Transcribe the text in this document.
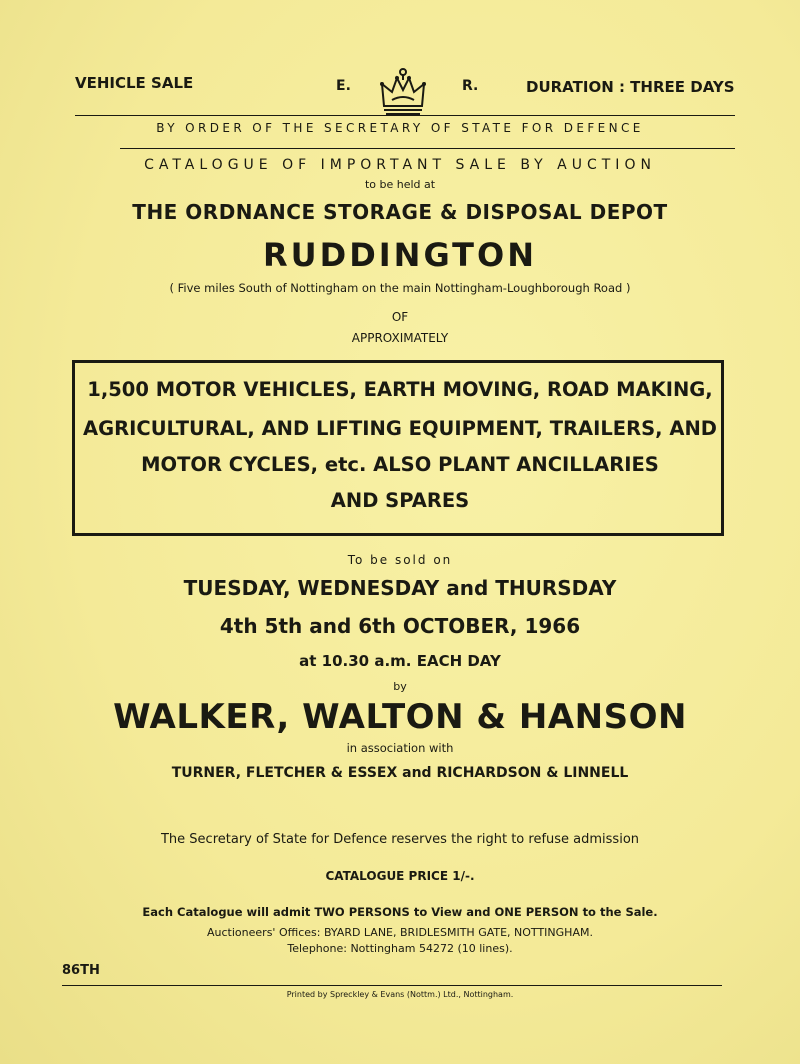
VEHICLE SALE	E.	R.	DURATION : THREE DAYS
BY ORDER OF THE SECRETARY OF STATE FOR DEFENCE
CATALOGUE OF IMPORTANT SALE BY AUCTION
to be held at
THE ORDNANCE STORAGE & DISPOSAL DEPOT
RUDDINGTON
( Five miles South of Nottingham on the main Nottingham-Loughborough Road )
OF
APPROXIMATELY
1,500 MOTOR VEHICLES, EARTH MOVING, ROAD MAKING,
AGRICULTURAL, AND LIFTING EQUIPMENT, TRAILERS, AND
MOTOR CYCLES, etc. ALSO PLANT ANCILLARIES
AND SPARES
To be sold on
TUESDAY, WEDNESDAY and THURSDAY
4th 5th and 6th OCTOBER, 1966
at 10.30 a.m. EACH DAY
by
WALKER, WALTON & HANSON
in association with
TURNER, FLETCHER & ESSEX and RICHARDSON & LINNELL
The Secretary of State for Defence reserves the right to refuse admission
CATALOGUE PRICE 1/-.
Each Catalogue will admit TWO PERSONS to View and ONE PERSON to the Sale.
Auctioneers' Offices: BYARD LANE, BRIDLESMITH GATE, NOTTINGHAM.
Telephone: Nottingham 54272 (10 lines).
86TH
Printed by Spreckley & Evans (Nottm.) Ltd., Nottingham.
